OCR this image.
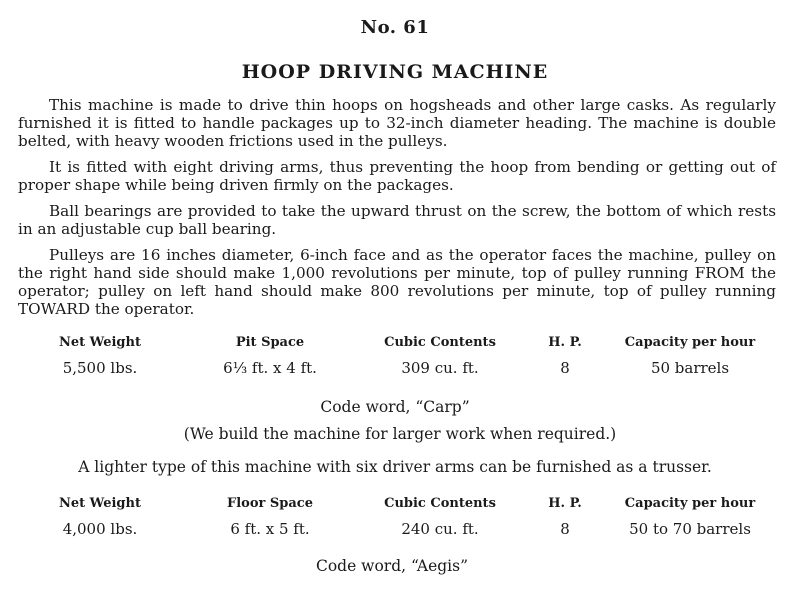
No. 61
HOOP DRIVING MACHINE

This machine is made to drive thin hoops on hogsheads and other large casks. As regularly furnished it is fitted to handle packages up to 32-inch diameter heading. The machine is double belted, with heavy wooden frictions used in the pulleys.

It is fitted with eight driving arms, thus preventing the hoop from bending or getting out of proper shape while being driven firmly on the packages.

Ball bearings are provided to take the upward thrust on the screw, the bottom of which rests in an adjustable cup ball bearing.

Pulleys are 16 inches diameter, 6-inch face and as the operator faces the machine, pulley on the right hand side should make 1,000 revolutions per minute, top of pulley running FROM the operator; pulley on left hand should make 800 revolutions per minute, top of pulley running TOWARD the operator.

Net Weight	Pit Space	Cubic Contents	H. P.	Capacity per hour
5,500 lbs.	6⅓ ft. x 4 ft.	309 cu. ft.	8	50 barrels
Code word, “Carp”
(We build the machine for larger work when required.)
A lighter type of this machine with six driver arms can be furnished as a trusser.
Net Weight	Floor Space	Cubic Contents	H. P.	Capacity per hour
4,000 lbs.	6 ft. x 5 ft.	240 cu. ft.	8	50 to 70 barrels
Code word, “Aegis”
